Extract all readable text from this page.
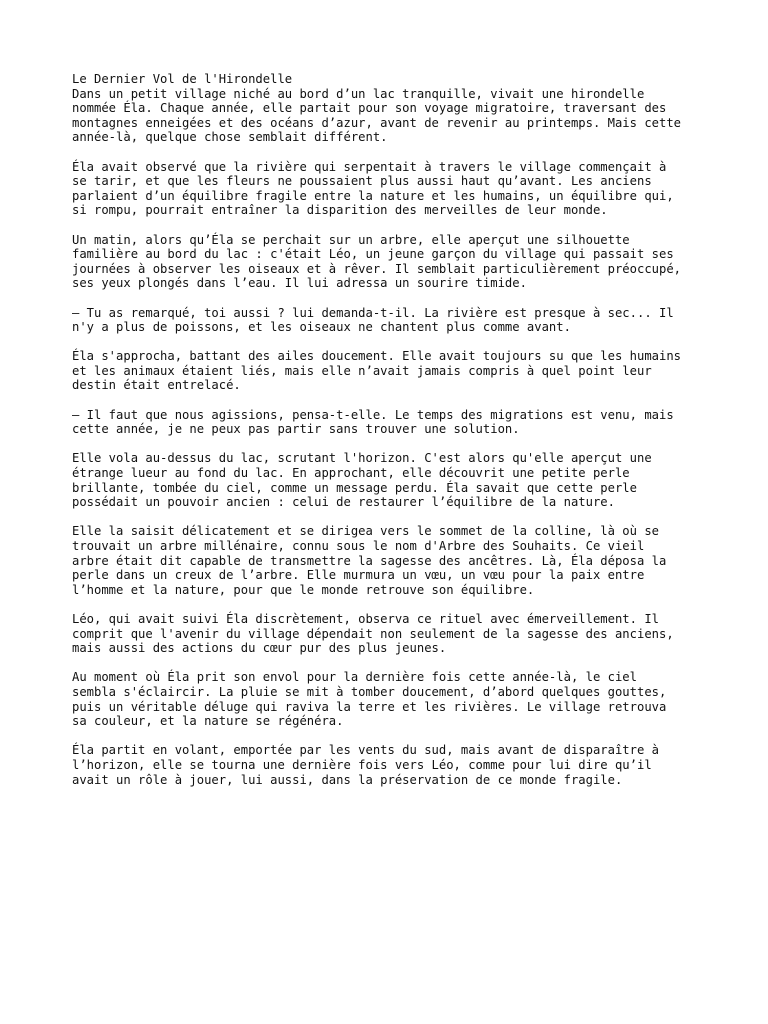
Le Dernier Vol de l'Hirondelle
Dans un petit village niché au bord d’un lac tranquille, vivait une hirondelle
nommée Éla. Chaque année, elle partait pour son voyage migratoire, traversant des
montagnes enneigées et des océans d’azur, avant de revenir au printemps. Mais cette
année-là, quelque chose semblait différent.
Éla avait observé que la rivière qui serpentait à travers le village commençait à
se tarir, et que les fleurs ne poussaient plus aussi haut qu’avant. Les anciens
parlaient d’un équilibre fragile entre la nature et les humains, un équilibre qui,
si rompu, pourrait entraîner la disparition des merveilles de leur monde.
Un matin, alors qu’Éla se perchait sur un arbre, elle aperçut une silhouette
familière au bord du lac : c'était Léo, un jeune garçon du village qui passait ses
journées à observer les oiseaux et à rêver. Il semblait particulièrement préoccupé,
ses yeux plongés dans l’eau. Il lui adressa un sourire timide.
– Tu as remarqué, toi aussi ? lui demanda-t-il. La rivière est presque à sec... Il
n'y a plus de poissons, et les oiseaux ne chantent plus comme avant.
Éla s'approcha, battant des ailes doucement. Elle avait toujours su que les humains
et les animaux étaient liés, mais elle n’avait jamais compris à quel point leur
destin était entrelacé.
– Il faut que nous agissions, pensa-t-elle. Le temps des migrations est venu, mais
cette année, je ne peux pas partir sans trouver une solution.
Elle vola au-dessus du lac, scrutant l'horizon. C'est alors qu'elle aperçut une
étrange lueur au fond du lac. En approchant, elle découvrit une petite perle
brillante, tombée du ciel, comme un message perdu. Éla savait que cette perle
possédait un pouvoir ancien : celui de restaurer l’équilibre de la nature.
Elle la saisit délicatement et se dirigea vers le sommet de la colline, là où se
trouvait un arbre millénaire, connu sous le nom d'Arbre des Souhaits. Ce vieil
arbre était dit capable de transmettre la sagesse des ancêtres. Là, Éla déposa la
perle dans un creux de l’arbre. Elle murmura un vœu, un vœu pour la paix entre
l’homme et la nature, pour que le monde retrouve son équilibre.
Léo, qui avait suivi Éla discrètement, observa ce rituel avec émerveillement. Il
comprit que l'avenir du village dépendait non seulement de la sagesse des anciens,
mais aussi des actions du cœur pur des plus jeunes.
Au moment où Éla prit son envol pour la dernière fois cette année-là, le ciel
sembla s'éclaircir. La pluie se mit à tomber doucement, d’abord quelques gouttes,
puis un véritable déluge qui raviva la terre et les rivières. Le village retrouva
sa couleur, et la nature se régénéra.
Éla partit en volant, emportée par les vents du sud, mais avant de disparaître à
l’horizon, elle se tourna une dernière fois vers Léo, comme pour lui dire qu’il
avait un rôle à jouer, lui aussi, dans la préservation de ce monde fragile.
